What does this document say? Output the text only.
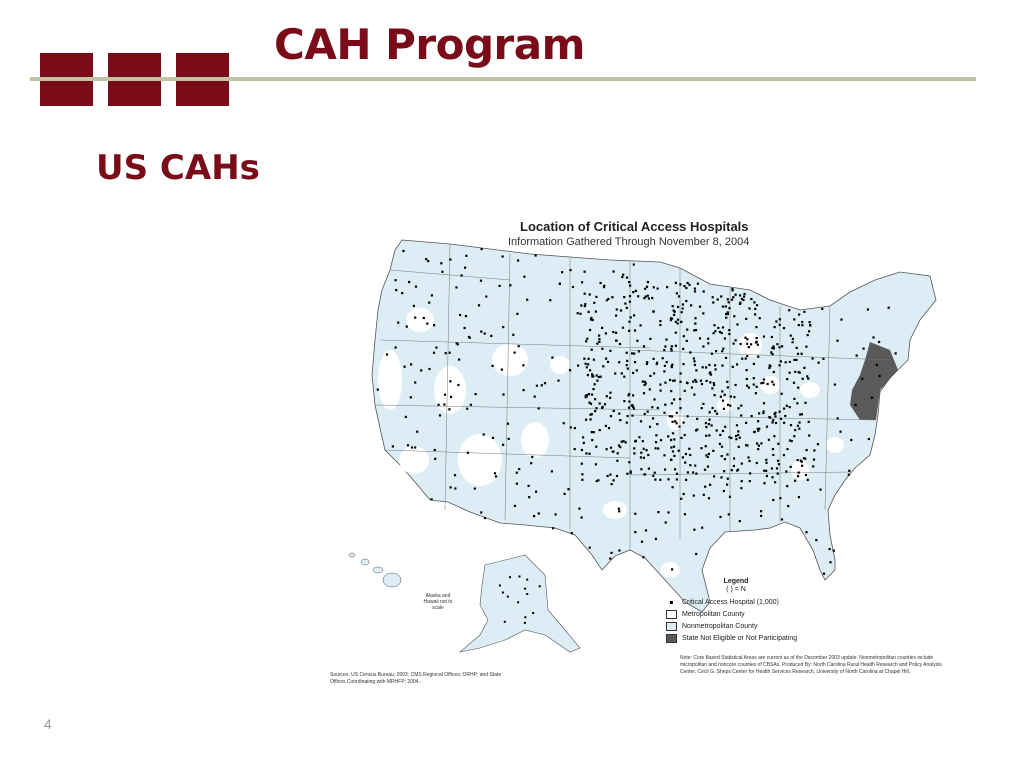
CAH Program
US CAHs
Location of Critical Access Hospitals
Information Gathered Through November 8, 2004
Alaska and Hawaii not to scale
Legend
( ) = N
Critical Access Hospital (1,000)
Metropolitan County
Nonmetropolitan County
State Not Eligible or Not Participating
Note: Core Based Statistical Areas are current as of the December 2003 update. Nonmetropolitan counties include micropolitan and noncore counties of CBSAs. Produced By: North Carolina Rural Health Research and Policy Analysis Center, Cecil G. Sheps Center for Health Services Research, University of North Carolina at Chapel Hill.
Sources: US Census Bureau, 2003; CMS Regional Offices; ORHP; and State Offices Coordinating with MRHFP; 2004.
4
